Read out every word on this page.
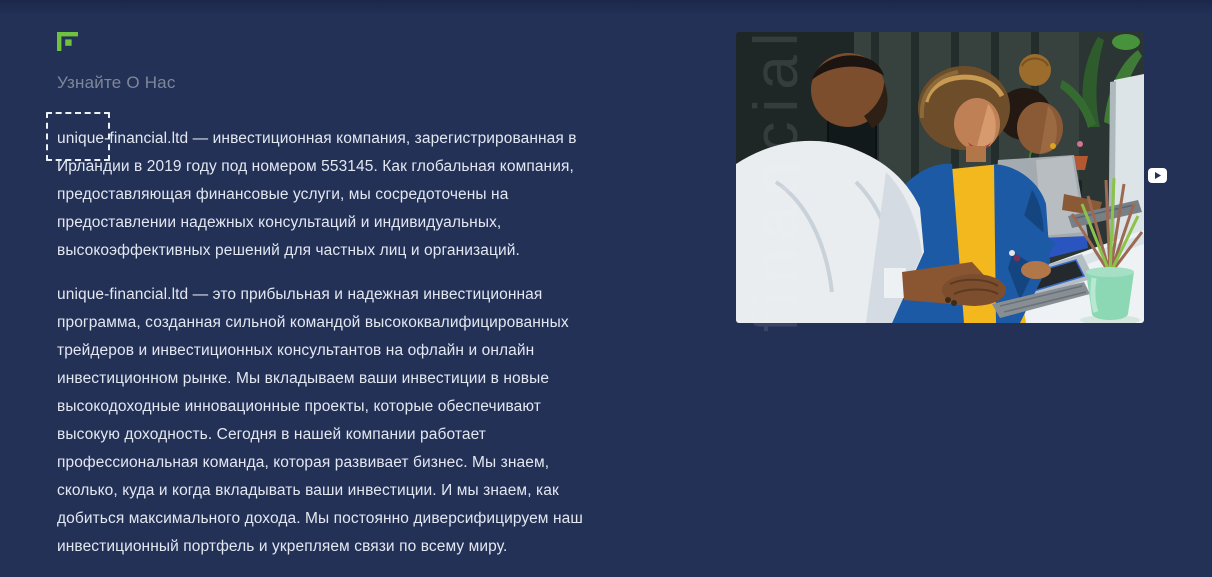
Узнайте О Нас

unique-financial.ltd — инвестиционная компания, зарегистрированная в Ирландии в 2019 году под номером 553145. Как глобальная компания, предоставляющая финансовые услуги, мы сосредоточены на предоставлении надежных консультаций и индивидуальных, высокоэффективных решений для частных лиц и организаций.

unique-financial.ltd — это прибыльная и надежная инвестиционная программа, созданная сильной командой высококвалифицированных трейдеров и инвестиционных консультантов на офлайн и онлайн инвестиционном рынке. Мы вкладываем ваши инвестиции в новые высокодоходные инновационные проекты, которые обеспечивают высокую доходность. Сегодня в нашей компании работает профессиональная команда, которая развивает бизнес. Мы знаем, сколько, куда и когда вкладывать ваши инвестиции. И мы знаем, как добиться максимального дохода. Мы постоянно диверсифицируем наш инвестиционный портфель и укрепляем связи по всему миру.
